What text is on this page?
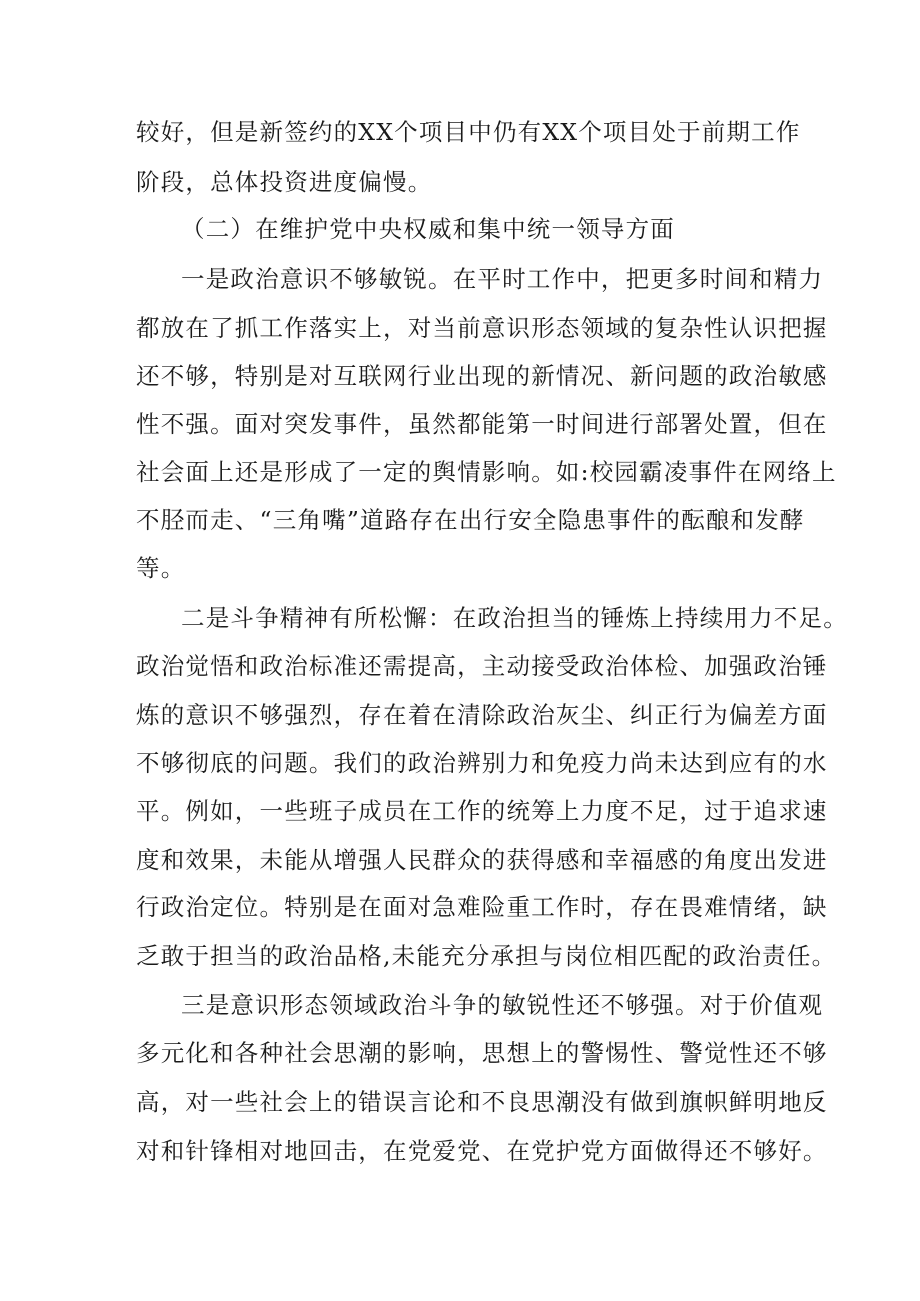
较好，但是新签约的XX个项目中仍有XX个项目处于前期工作
阶段，总体投资进度偏慢。
（二）在维护党中央权威和集中统一领导方面
一是政治意识不够敏锐。在平时工作中，把更多时间和精力
都放在了抓工作落实上，对当前意识形态领域的复杂性认识把握
还不够，特别是对互联网行业出现的新情况、新问题的政治敏感
性不强。面对突发事件，虽然都能第一时间进行部署处置，但在
社会面上还是形成了一定的舆情影响。如:校园霸凌事件在网络上
不胫而走、“三角嘴”道路存在出行安全隐患事件的酝酿和发酵
等。
二是斗争精神有所松懈：在政治担当的锤炼上持续用力不足。
政治觉悟和政治标准还需提高，主动接受政治体检、加强政治锤
炼的意识不够强烈，存在着在清除政治灰尘、纠正行为偏差方面
不够彻底的问题。我们的政治辨别力和免疫力尚未达到应有的水
平。例如，一些班子成员在工作的统筹上力度不足，过于追求速
度和效果，未能从增强人民群众的获得感和幸福感的角度出发进
行政治定位。特别是在面对急难险重工作时，存在畏难情绪，缺
乏敢于担当的政治品格,未能充分承担与岗位相匹配的政治责任。
三是意识形态领域政治斗争的敏锐性还不够强。对于价值观
多元化和各种社会思潮的影响，思想上的警惕性、警觉性还不够
高，对一些社会上的错误言论和不良思潮没有做到旗帜鲜明地反
对和针锋相对地回击，在党爱党、在党护党方面做得还不够好。
